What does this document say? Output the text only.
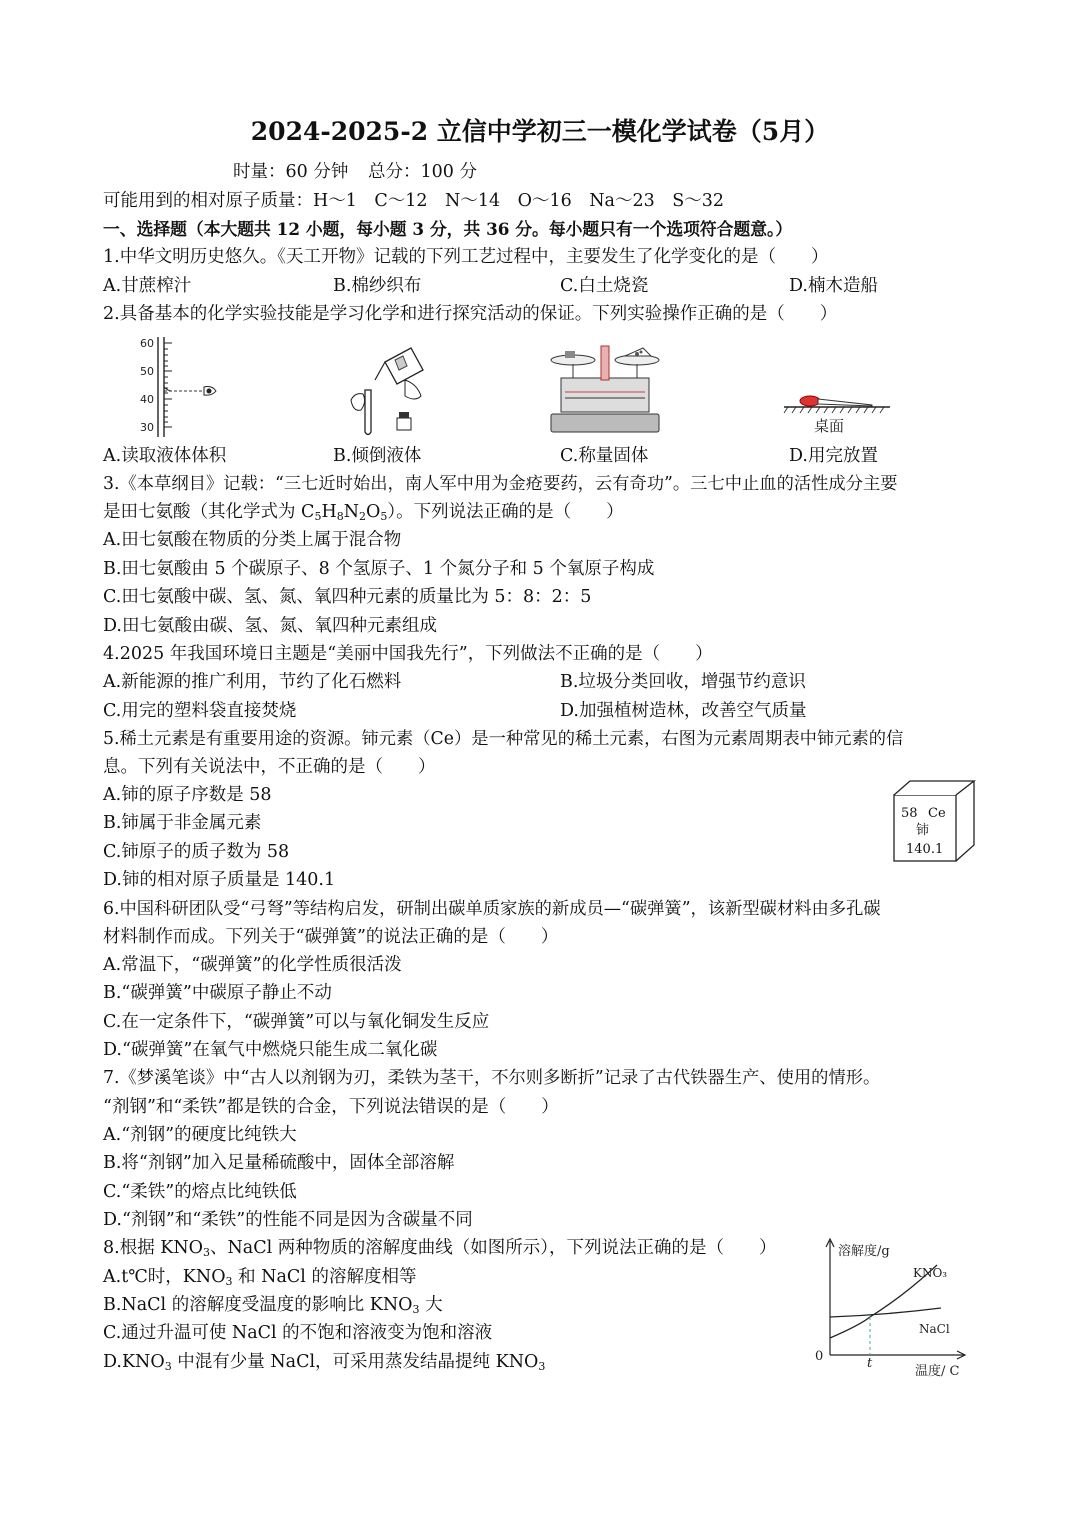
2024-2025-2 立信中学初三一模化学试卷（5月）
时量：60 分钟 总分：100 分
可能用到的相对原子质量：H～1　C～12　N～14　O～16　Na～23　S～32
一、选择题（本大题共 12 小题，每小题 3 分，共 36 分。每小题只有一个选项符合题意。）
1.中华文明历史悠久。《天工开物》记载的下列工艺过程中，主要发生了化学变化的是（　　）
A.甘蔗榨汁	B.棉纱织布	C.白土烧瓷	D.楠木造船
2.具备基本的化学实验技能是学习化学和进行探究活动的保证。下列实验操作正确的是（　　）
60
50
40
30	桌面
A.读取液体体积	B.倾倒液体	C.称量固体	D.用完放置
3.《本草纲目》记载：“三七近时始出，南人军中用为金疮要药，云有奇功”。三七中止血的活性成分主要
是田七氨酸（其化学式为 $C_5H_8N_2O_5$）。下列说法正确的是（　　）
A.田七氨酸在物质的分类上属于混合物
B.田七氨酸由 5 个碳原子、8 个氢原子、1 个氮分子和 5 个氧原子构成
C.田七氨酸中碳、氢、氮、氧四种元素的质量比为 5：8：2：5
D.田七氨酸由碳、氢、氮、氧四种元素组成
4.2025 年我国环境日主题是“美丽中国我先行”，下列做法不正确的是（　　）
A.新能源的推广利用，节约了化石燃料	B.垃圾分类回收，增强节约意识
C.用完的塑料袋直接焚烧	D.加强植树造林，改善空气质量
5.稀土元素是有重要用途的资源。铈元素（Ce）是一种常见的稀土元素，右图为元素周期表中铈元素的信
息。下列有关说法中，不正确的是（　　）
A.铈的原子序数是 58
B.铈属于非金属元素
C.铈原子的质子数为 58
D.铈的相对原子质量是 140.1
58 Ce
铈
140.1
6.中国科研团队受“弓弩”等结构启发，研制出碳单质家族的新成员—“碳弹簧”，该新型碳材料由多孔碳
材料制作而成。下列关于“碳弹簧”的说法正确的是（　　）
A.常温下，“碳弹簧”的化学性质很活泼
B.“碳弹簧”中碳原子静止不动
C.在一定条件下，“碳弹簧”可以与氧化铜发生反应
D.“碳弹簧”在氧气中燃烧只能生成二氧化碳
7.《梦溪笔谈》中“古人以剂钢为刃，柔铁为茎干，不尔则多断折”记录了古代铁器生产、使用的情形。
“剂钢”和“柔铁”都是铁的合金，下列说法错误的是（　　）
A.“剂钢”的硬度比纯铁大
B.将“剂钢”加入足量稀硫酸中，固体全部溶解
C.“柔铁”的熔点比纯铁低
D.“剂钢”和“柔铁”的性能不同是因为含碳量不同
8.根据 $KNO_3$、NaCl 两种物质的溶解度曲线（如图所示），下列说法正确的是（　　）
A.t℃时，$KNO_3$ 和 NaCl 的溶解度相等
B.NaCl 的溶解度受温度的影响比 $KNO_3$ 大
C.通过升温可使 NaCl 的不饱和溶液变为饱和溶液
$D.KNO_3$ 中混有少量 NaCl，可采用蒸发结晶提纯 $KNO_3$
溶解度/g
温度/ C
0	t
KNO₃
NaCl
